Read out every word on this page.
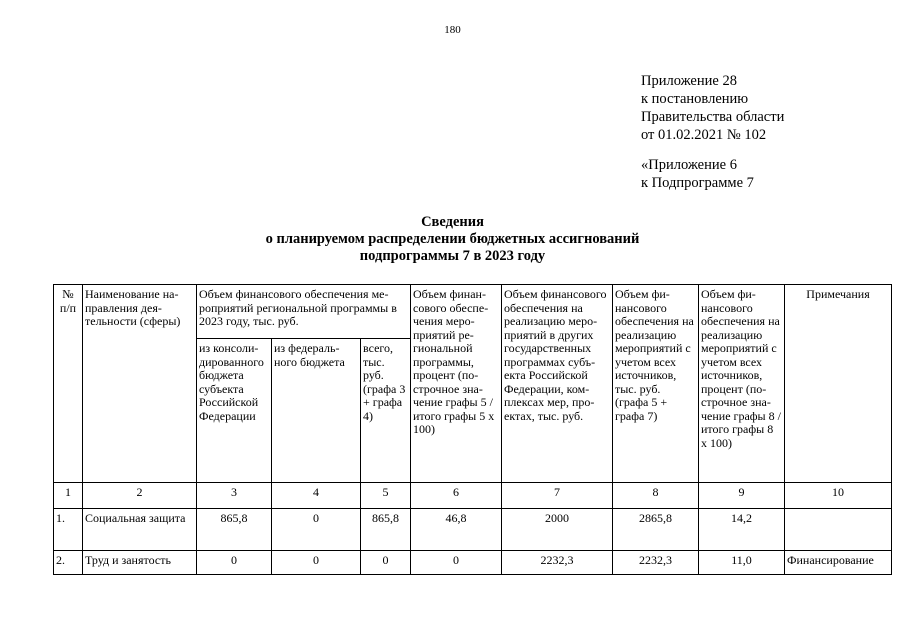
180
Приложение 28
к постановлению
Правительства области
от 01.02.2021 № 102
«Приложение 6
к Подпрограмме 7
Сведения
о планируемом распределении бюджетных ассигнований
подпрограммы 7 в 2023 году
№ п/п	Наименование направления деятельности (сферы)	Объем финансового обеспечения мероприятий региональной программы в 2023 году, тыс. руб.			Объем финансового обеспечения мероприятий региональной программы, процент (построчное значение графы 5 / итого графы 5 х 100)	Объем финансового обеспечения на реализацию мероприятий в других государственных программах субъекта Российской Федерации, комплексах мер, проектах, тыс. руб.	Объем финансового обеспечения на реализацию мероприятий с учетом всех источников, тыс. руб. (графа 5 + графа 7)	Объем финансового обеспечения на реализацию мероприятий с учетом всех источников, процент (построчное значение графы 8 / итого графы 8 х 100)	Примечания
		из консолидированного бюджета субъекта Российской Федерации	из федерального бюджета	всего, тыс. руб. (графа 3 + графа 4)					
1	2	3	4	5	6	7	8	9	10
1.	Социальная защита	865,8	0	865,8	46,8	2000	2865,8	14,2	
2.	Труд и занятость	0	0	0	0	2232,3	2232,3	11,0	Финансирование
